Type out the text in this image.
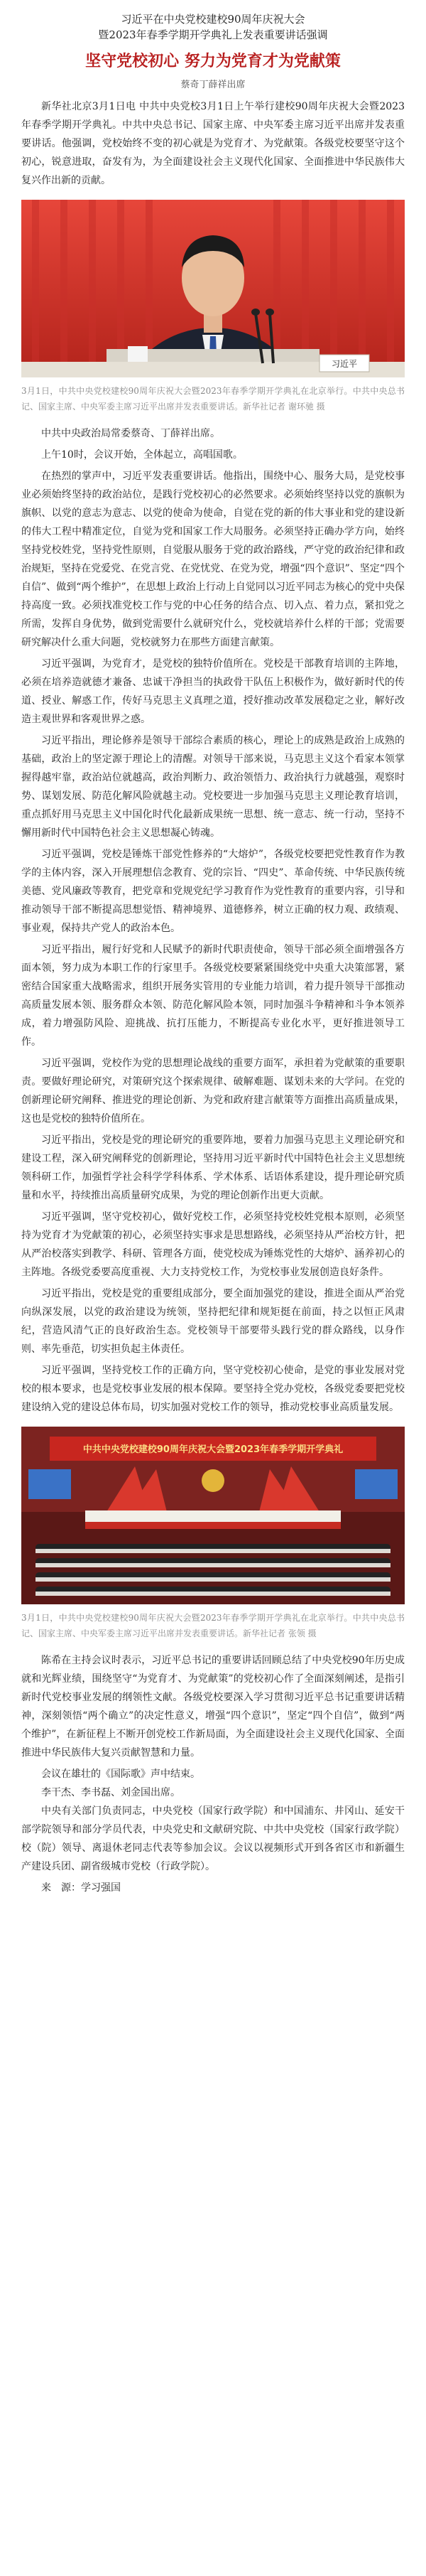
习近平在中央党校建校90周年庆祝大会

暨2023年春季学期开学典礼上发表重要讲话强调

坚守党校初心 努力为党育才为党献策
蔡奇丁薛祥出席

新华社北京3月1日电 中共中央党校3月1日上午举行建校90周年庆祝大会暨2023年春季学期开学典礼。中共中央总书记、国家主席、中央军委主席习近平出席并发表重要讲话。他强调，党校始终不变的初心就是为党育才、为党献策。各级党校要坚守这个初心，锐意进取，奋发有为，为全面建设社会主义现代化国家、全面推进中华民族伟大复兴作出新的贡献。

习近平

3月1日，中共中央党校建校90周年庆祝大会暨2023年春季学期开学典礼在北京举行。中共中央总书记、国家主席、中央军委主席习近平出席并发表重要讲话。新华社记者 谢环驰 摄

中共中央政治局常委蔡奇、丁薛祥出席。

上午10时，会议开始，全体起立，高唱国歌。

在热烈的掌声中，习近平发表重要讲话。他指出，围绕中心、服务大局，是党校事业必须始终坚持的政治站位，是践行党校初心的必然要求。必须始终坚持以党的旗帜为旗帜、以党的意志为意志、以党的使命为使命，自觉在党的新的伟大事业和党的建设新的伟大工程中精准定位，自觉为党和国家工作大局服务。必须坚持正确办学方向，始终坚持党校姓党，坚持党性原则，自觉服从服务于党的政治路线，严守党的政治纪律和政治规矩，坚持在党爱党、在党言党、在党忧党、在党为党，增强“四个意识”、坚定“四个自信”、做到“两个维护”，在思想上政治上行动上自觉同以习近平同志为核心的党中央保持高度一致。必须找准党校工作与党的中心任务的结合点、切入点、着力点，紧扣党之所需，发挥自身优势，做到党需要什么就研究什么，党校就培养什么样的干部；党需要研究解决什么重大问题，党校就努力在那些方面建言献策。

习近平强调，为党育才，是党校的独特价值所在。党校是干部教育培训的主阵地，必须在培养造就德才兼备、忠诚干净担当的执政骨干队伍上积极作为，做好新时代的传道、授业、解惑工作，传好马克思主义真理之道，授好推动改革发展稳定之业，解好改造主观世界和客观世界之惑。

习近平指出，理论修养是领导干部综合素质的核心，理论上的成熟是政治上成熟的基础，政治上的坚定源于理论上的清醒。对领导干部来说，马克思主义这个看家本领掌握得越牢靠，政治站位就越高，政治判断力、政治领悟力、政治执行力就越强，观察时势、谋划发展、防范化解风险就越主动。党校要进一步加强马克思主义理论教育培训，重点抓好用马克思主义中国化时代化最新成果统一思想、统一意志、统一行动，坚持不懈用新时代中国特色社会主义思想凝心铸魂。

习近平强调，党校是锤炼干部党性修养的“大熔炉”，各级党校要把党性教育作为教学的主体内容，深入开展理想信念教育、党的宗旨、“四史”、革命传统、中华民族传统美德、党风廉政等教育，把党章和党规党纪学习教育作为党性教育的重要内容，引导和推动领导干部不断提高思想觉悟、精神境界、道德修养，树立正确的权力观、政绩观、事业观，保持共产党人的政治本色。

习近平指出，履行好党和人民赋予的新时代职责使命，领导干部必须全面增强各方面本领，努力成为本职工作的行家里手。各级党校要紧紧围绕党中央重大决策部署，紧密结合国家重大战略需求，组织开展务实管用的专业能力培训，着力提升领导干部推动高质量发展本领、服务群众本领、防范化解风险本领，同时加强斗争精神和斗争本领养成，着力增强防风险、迎挑战、抗打压能力，不断提高专业化水平，更好推进领导工作。

习近平强调，党校作为党的思想理论战线的重要方面军，承担着为党献策的重要职责。要做好理论研究，对策研究这个探索规律、破解难题、谋划未来的大学问。在党的创新理论研究阐释、推进党的理论创新、为党和政府建言献策等方面推出高质量成果，这也是党校的独特价值所在。

习近平指出，党校是党的理论研究的重要阵地，要着力加强马克思主义理论研究和建设工程，深入研究阐释党的创新理论，坚持用习近平新时代中国特色社会主义思想统领科研工作，加强哲学社会科学学科体系、学术体系、话语体系建设，提升理论研究质量和水平，持续推出高质量研究成果，为党的理论创新作出更大贡献。

习近平强调，坚守党校初心，做好党校工作，必须坚持党校姓党根本原则，必须坚持为党育才为党献策的初心，必须坚持实事求是思想路线，必须坚持从严治校方针，把从严治校落实到教学、科研、管理各方面，使党校成为锤炼党性的大熔炉、涵养初心的主阵地。各级党委要高度重视、大力支持党校工作，为党校事业发展创造良好条件。

习近平指出，党校是党的重要组成部分，要全面加强党的建设，推进全面从严治党向纵深发展，以党的政治建设为统领，坚持把纪律和规矩挺在前面，持之以恒正风肃纪，营造风清气正的良好政治生态。党校领导干部要带头践行党的群众路线，以身作则、率先垂范，切实担负起主体责任。

习近平强调，坚持党校工作的正确方向，坚守党校初心使命，是党的事业发展对党校的根本要求，也是党校事业发展的根本保障。要坚持全党办党校，各级党委要把党校建设纳入党的建设总体布局，切实加强对党校工作的领导，推动党校事业高质量发展。

中共中央党校建校90周年庆祝大会暨2023年春季学期开学典礼

3月1日，中共中央党校建校90周年庆祝大会暨2023年春季学期开学典礼在北京举行。中共中央总书记、国家主席、中央军委主席习近平出席并发表重要讲话。新华社记者 张领 摄

陈希在主持会议时表示，习近平总书记的重要讲话回顾总结了中央党校90年历史成就和光辉业绩，围绕坚守“为党育才、为党献策”的党校初心作了全面深刻阐述，是指引新时代党校事业发展的纲领性文献。各级党校要深入学习贯彻习近平总书记重要讲话精神，深刻领悟“两个确立”的决定性意义，增强“四个意识”，坚定“四个自信”，做到“两个维护”，在新征程上不断开创党校工作新局面，为全面建设社会主义现代化国家、全面推进中华民族伟大复兴贡献智慧和力量。

会议在雄壮的《国际歌》声中结束。

李干杰、李书磊、刘金国出席。

中央有关部门负责同志，中央党校（国家行政学院）和中国浦东、井冈山、延安干部学院领导和部分学员代表，中央党史和文献研究院、中共中央党校（国家行政学院）校（院）领导、离退休老同志代表等参加会议。会议以视频形式开到各省区市和新疆生产建设兵团、副省级城市党校（行政学院）。

来　源：学习强国
